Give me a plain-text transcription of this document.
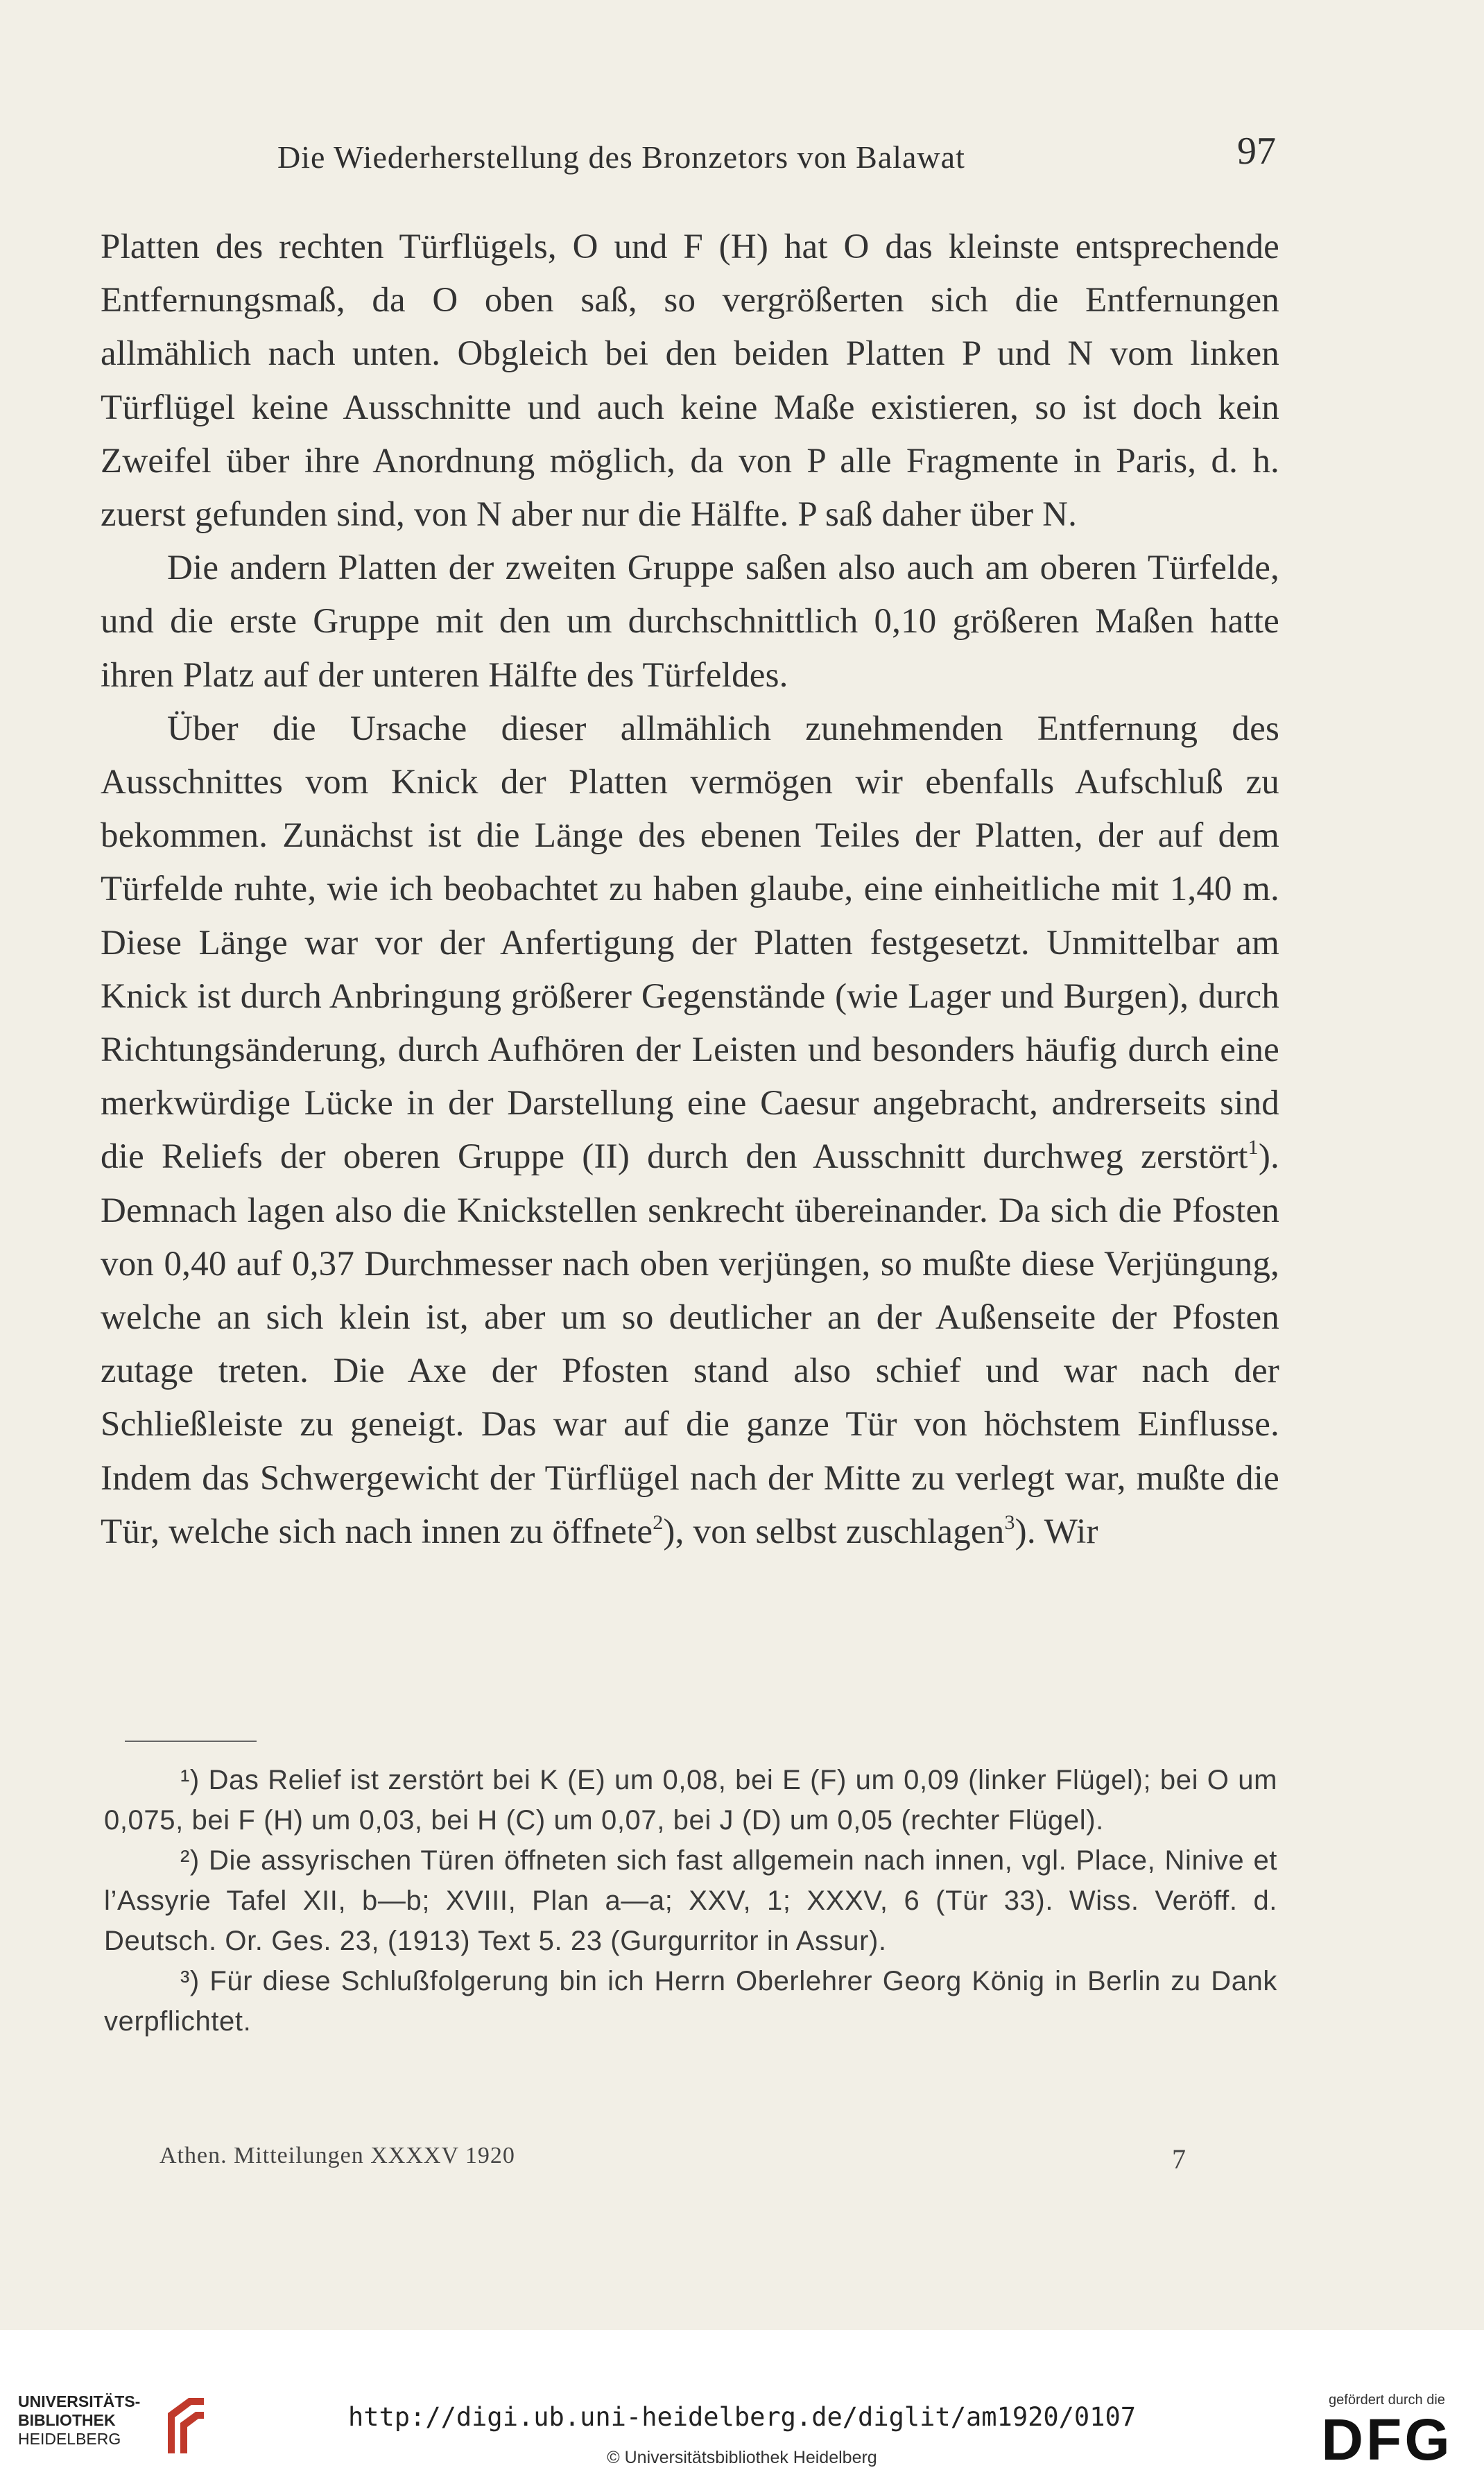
Die Wiederherstellung des Bronzetors von Balawat	97

Platten des rechten Türflügels, O und F (H) hat O das kleinste entsprechende Entfernungsmaß, da O oben saß, so vergrößerten sich die Entfernungen allmählich nach unten. Obgleich bei den beiden Platten P und N vom linken Türflügel keine Ausschnitte und auch keine Maße existieren, so ist doch kein Zweifel über ihre Anordnung möglich, da von P alle Fragmente in Paris, d. h. zuerst gefunden sind, von N aber nur die Hälfte. P saß daher über N.

Die andern Platten der zweiten Gruppe saßen also auch am oberen Türfelde, und die erste Gruppe mit den um durchschnittlich 0,10 größeren Maßen hatte ihren Platz auf der unteren Hälfte des Türfeldes.

Über die Ursache dieser allmählich zunehmenden Entfernung des Ausschnittes vom Knick der Platten vermögen wir ebenfalls Aufschluß zu bekommen. Zunächst ist die Länge des ebenen Teiles der Platten, der auf dem Türfelde ruhte, wie ich beobachtet zu haben glaube, eine einheitliche mit 1,40 m. Diese Länge war vor der Anfertigung der Platten festgesetzt. Unmittelbar am Knick ist durch Anbringung größerer Gegenstände (wie Lager und Burgen), durch Richtungsänderung, durch Aufhören der Leisten und besonders häufig durch eine merkwürdige Lücke in der Darstellung eine Caesur angebracht, andrerseits sind die Reliefs der oberen Gruppe (II) durch den Ausschnitt durchweg zerstört$^1$). Demnach lagen also die Knickstellen senkrecht übereinander. Da sich die Pfosten von 0,40 auf 0,37 Durchmesser nach oben verjüngen, so mußte diese Verjüngung, welche an sich klein ist, aber um so deutlicher an der Außenseite der Pfosten zutage treten. Die Axe der Pfosten stand also schief und war nach der Schließleiste zu geneigt. Das war auf die ganze Tür von höchstem Einflusse. Indem das Schwergewicht der Türflügel nach der Mitte zu verlegt war, mußte die Tür, welche sich nach innen zu öffnete$^2$), von selbst zuschlagen$^3$). Wir

¹) Das Relief ist zerstört bei K (E) um 0,08, bei E (F) um 0,09 (linker Flügel); bei O um 0,075, bei F (H) um 0,03, bei H (C) um 0,07, bei J (D) um 0,05 (rechter Flügel).

²) Die assyrischen Türen öffneten sich fast allgemein nach innen, vgl. Place, Ninive et l’Assyrie Tafel XII, b—b; XVIII, Plan a—a; XXV, 1; XXXV, 6 (Tür 33). Wiss. Veröff. d. Deutsch. Or. Ges. 23, (1913) Text 5. 23 (Gurgurritor in Assur).

³) Für diese Schlußfolgerung bin ich Herrn Oberlehrer Georg König in Berlin zu Dank verpflichtet.

Athen. Mitteilungen XXXXV 1920	7
UNIVERSITÄTS-
BIBLIOTHEK
HEIDELBERG
http://digi.ub.uni-heidelberg.de/diglit/am1920/0107
© Universitätsbibliothek Heidelberg
gefördert durch die
DFG
